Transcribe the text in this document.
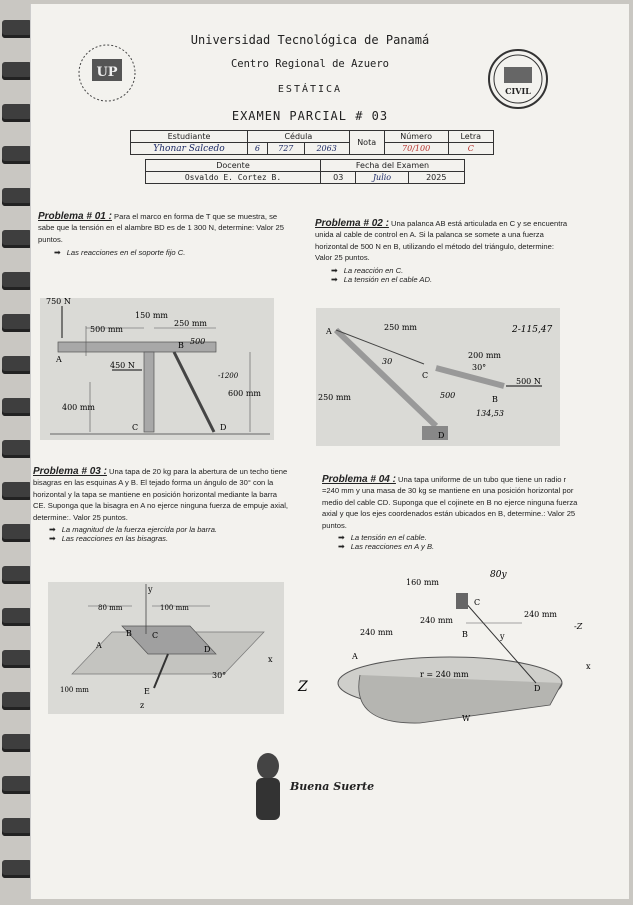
UP
CIVIL
Universidad Tecnológica de Panamá
Centro Regional de Azuero
ESTÁTICA
EXAMEN PARCIAL # 03
Estudiante	Cédula			Nota	Número	Letra
Yhonar Salcedo	6	727	2063		70/100	C
Docente	Fecha del Examen		
Osvaldo E. Cortez B.	03	Julio	2025
Problema # 01 : Para el marco en forma de T que se muestra, se sabe que la tensión en el alambre BD es de 1 300 N, determine: Valor 25 puntos.
➡ Las reacciones en el soporte fijo C.
750 N
150 mm
250 mm
500 mm
A
B 500
450 N
-1200
600 mm
400 mm
C	D
Problema # 02 : Una palanca AB está articulada en C y se encuentra unida al cable de control en A. Si la palanca se somete a una fuerza horizontal de 500 N en B, utilizando el método del triángulo, determine: Valor 25 puntos.
➡ La reacción en C.
➡ La tensión en el cable AD.
A	250 mm	2-115,47
200 mm
30°
C
30
500 N
250 mm	500	B
134,53
D
Problema # 03 : Una tapa de 20 kg para la abertura de un techo tiene bisagras en las esquinas A y B. El tejado forma un ángulo de 30° con la horizontal y la tapa se mantiene en posición horizontal mediante la barra CE. Suponga que la bisagra en A no ejerce ninguna fuerza de empuje axial, determine:. Valor 25 puntos.
➡ La magnitud de la fuerza ejercida por la barra.
➡ Las reacciones en las bisagras.
y
80 mm	100 mm
B	C
A	D
x
30°
E
100 mm
z
Problema # 04 : Una tapa uniforme de un tubo que tiene un radio r =240 mm y una masa de 30 kg se mantiene en una posición horizontal por medio del cable CD. Suponga que el cojinete en B no ejerce ninguna fuerza axial y que los ejes coordenados están ubicados en B, determine.: Valor 25 puntos.
➡ La tensión en el cable.
➡ Las reacciones en A y B.
Z
80y
160 mm
C
240 mm
-Z
240 mm
B
240 mm	y
A
x
r = 240 mm
D
W
Buena Suerte
